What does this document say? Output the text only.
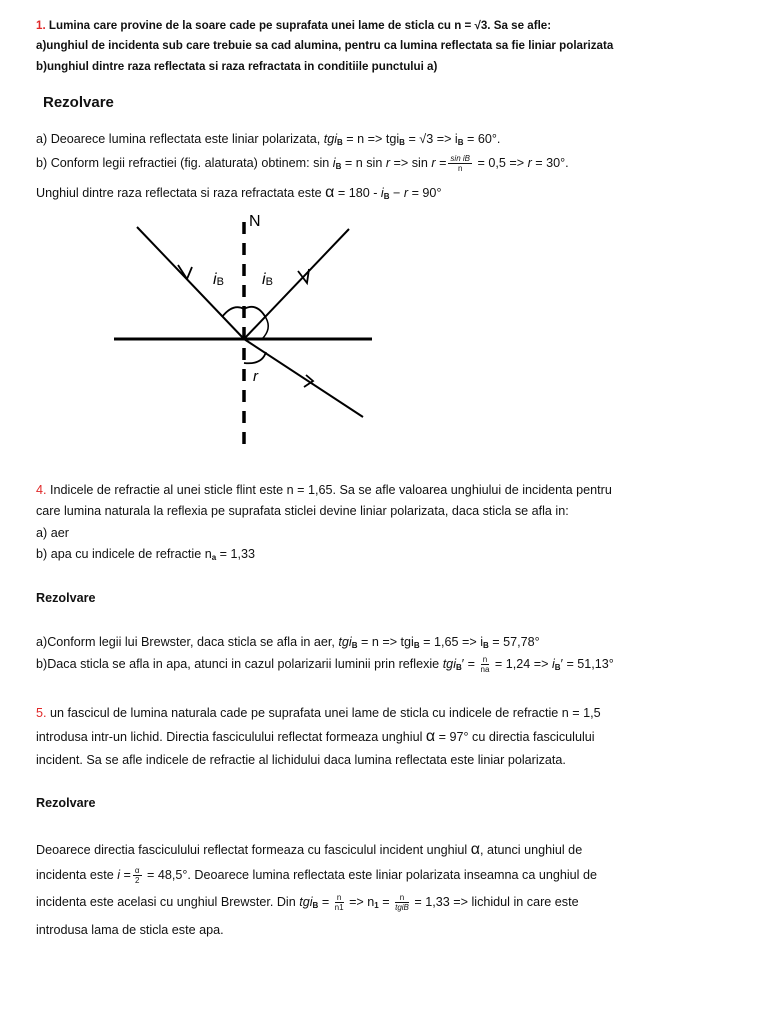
1. Lumina care provine de la soare cade pe suprafata unei lame de sticla cu n = √3. Sa se afle:
a)unghiul de incidenta sub care trebuie sa cad alumina, pentru ca lumina reflectata sa fie liniar polarizata
b)unghiul dintre raza reflectata si raza refractata in conditiile punctului a)
Rezolvare
a) Deoarece lumina reflectata este liniar polarizata, $tgi_B = n => tgi_B = √3 => i_B = 60^\circ$.
b) Conform legii refractiei (fig. alaturata) obtinem: $\sin i_B = n$ $\sin r => \sin r = \frac{\text{sin iB}}{n} = 0,5 => r = 30^\circ$.
Unghiul dintre raza reflectata si raza refractata este $\alpha = 180 - i_B - r = 90^\circ$
N
iB iB
r
4. Indicele de refractie al unei sticle flint este n = 1,65. Sa se afle valoarea unghiului de incidenta pentru
care lumina naturala la reflexia pe suprafata sticlei devine liniar polarizata, daca sticla se afla in:
a) aer
b) apa cu indicele de refractie $n_a = 1,33$
Rezolvare
a)Conform legii lui Brewster, daca sticla se afla in aer, $tgi_B = n => tgi_B = 1,65 => i_B = 57,78^\circ$
b)Daca sticla se afla in apa, atunci in cazul polarizarii luminii prin reflexie $tgi_B' = \frac{n}{na} = 1,24 => i_B' = 51,13^\circ$
5. un fascicul de lumina naturala cade pe suprafata unei lame de sticla cu indicele de refractie n = 1,5
introdusa intr-un lichid. Directia fasciculului reflectat formeaza unghiul α = 97° cu directia fasciculului
incident. Sa se afle indicele de refractie al lichidului daca lumina reflectata este liniar polarizata.
Rezolvare
Deoarece directia fasciculului reflectat formeaza cu fasciculul incident unghiul α, atunci unghiul de
incidenta este $i = \frac{\alpha}{2} = 48,5^\circ$. Deoarece lumina reflectata este liniar polarizata inseamna ca unghiul de
incidenta este acelasi cu unghiul Brewster. Din $tgi_B = \frac{n}{n1} => n_1 = \frac{n}{\text{tgiB}} = 1,33$ => lichidul in care este
introdusa lama de sticla este apa.
